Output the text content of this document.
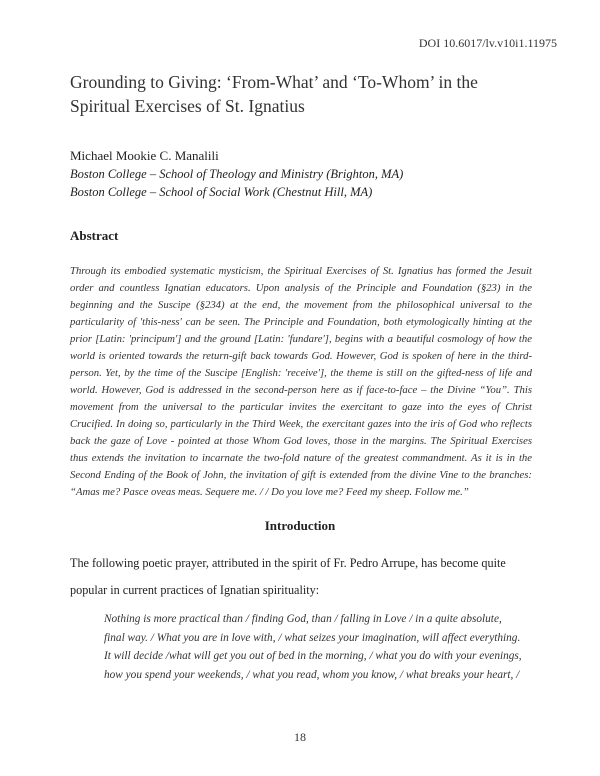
DOI 10.6017/lv.v10i1.11975
Grounding to Giving: ‘From-What’ and ‘To-Whom’ in the Spiritual Exercises of St. Ignatius
Michael Mookie C. Manalili
Boston College – School of Theology and Ministry (Brighton, MA)
Boston College – School of Social Work (Chestnut Hill, MA)
Abstract
Through its embodied systematic mysticism, the Spiritual Exercises of St. Ignatius has formed the Jesuit order and countless Ignatian educators. Upon analysis of the Principle and Foundation (§23) in the beginning and the Suscipe (§234) at the end, the movement from the philosophical universal to the particularity of 'this-ness' can be seen. The Principle and Foundation, both etymologically hinting at the prior [Latin: 'principum'] and the ground [Latin: 'fundare'], begins with a beautiful cosmology of how the world is oriented towards the return-gift back towards God. However, God is spoken of here in the third-person. Yet, by the time of the Suscipe [English: 'receive'], the theme is still on the gifted-ness of life and world. However, God is addressed in the second-person here as if face-to-face – the Divine “You”. This movement from the universal to the particular invites the exercitant to gaze into the eyes of Christ Crucified. In doing so, particularly in the Third Week, the exercitant gazes into the iris of God who reflects back the gaze of Love - pointed at those Whom God loves, those in the margins. The Spiritual Exercises thus extends the invitation to incarnate the two-fold nature of the greatest commandment. As it is in the Second Ending of the Book of John, the invitation of gift is extended from the divine Vine to the branches: “Amas me? Pasce oveas meas. Sequere me. / / Do you love me? Feed my sheep. Follow me.”
Introduction
The following poetic prayer, attributed in the spirit of Fr. Pedro Arrupe, has become quite popular in current practices of Ignatian spirituality:
Nothing is more practical than / finding God, than / falling in Love / in a quite absolute,
final way. / What you are in love with, / what seizes your imagination, will affect everything.
It will decide /what will get you out of bed in the morning, / what you do with your evenings,
how you spend your weekends, / what you read, whom you know, / what breaks your heart, /
18
